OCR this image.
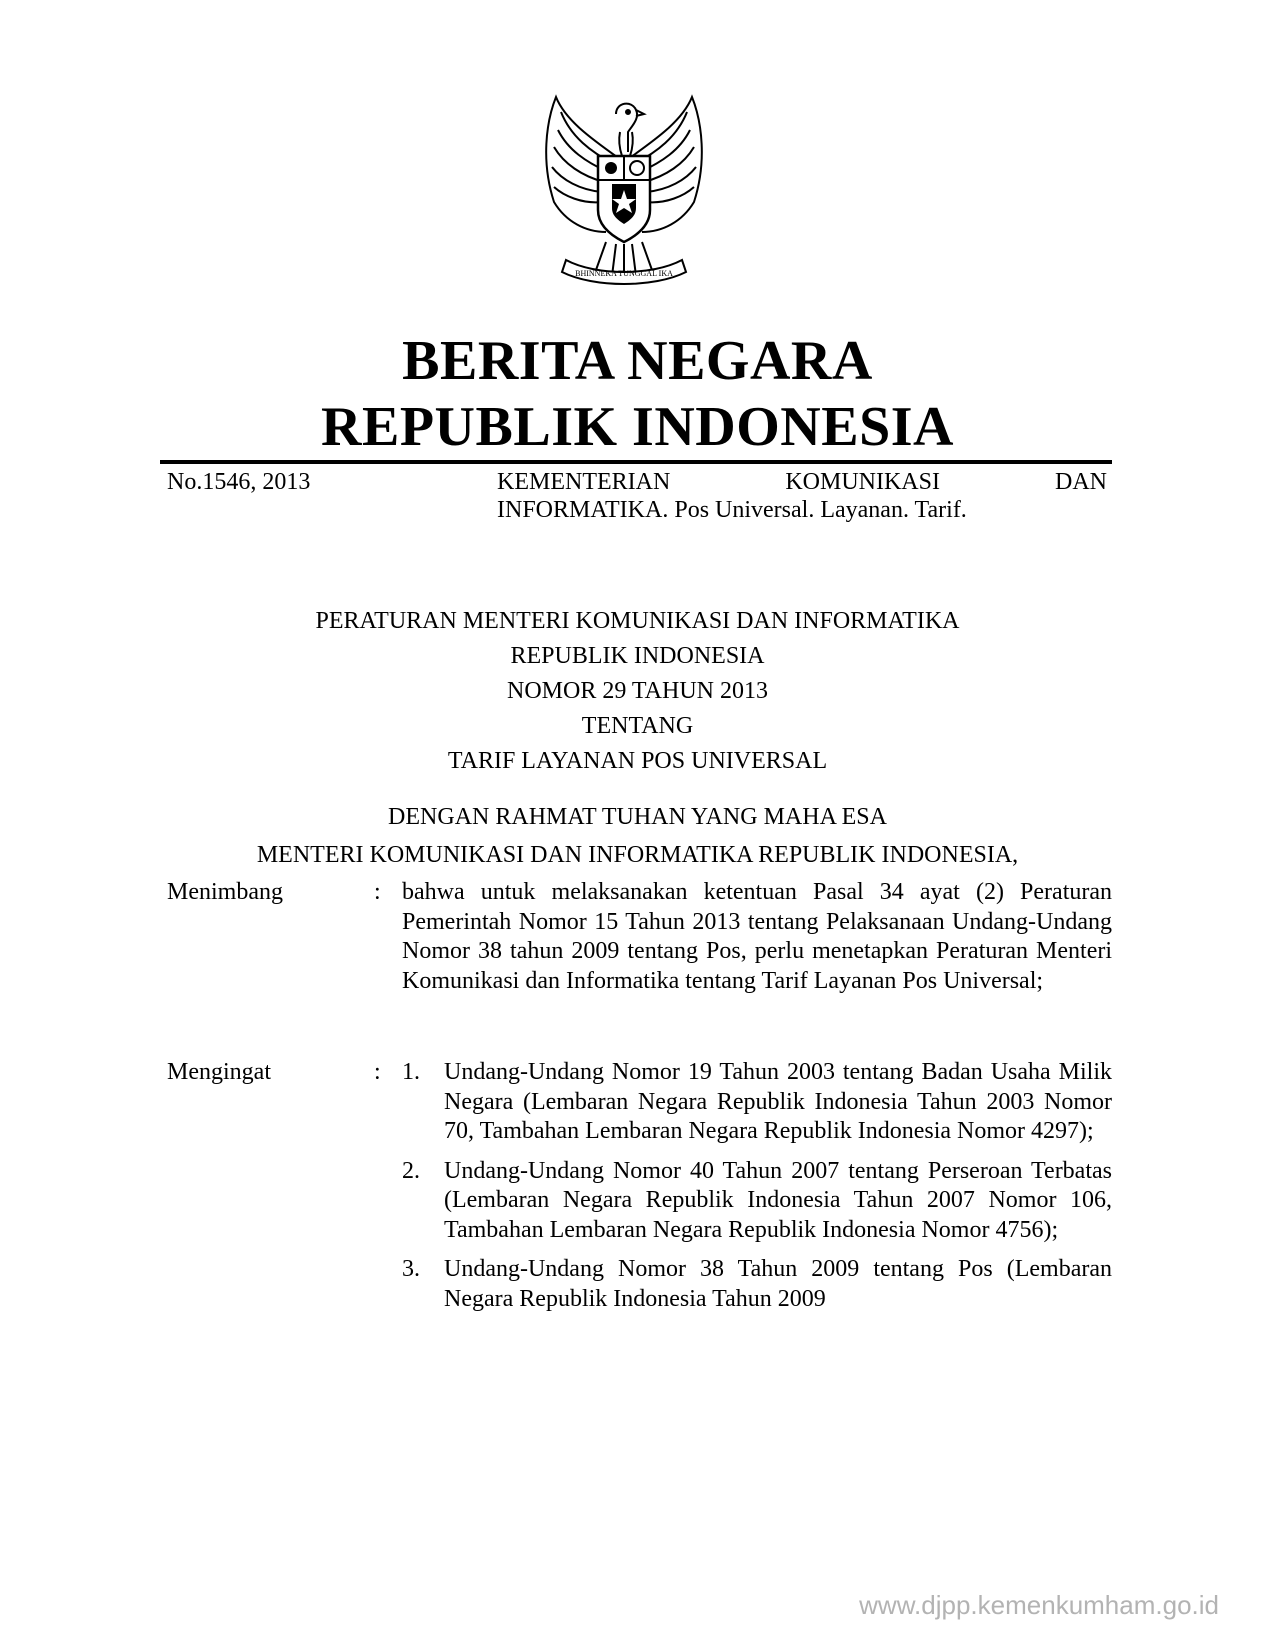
BHINNEKA TUNGGAL IKA
BERITA NEGARA
REPUBLIK INDONESIA
No.1546, 2013	KEMENTERIAN	KOMUNIKASI	DAN
INFORMATIKA. Pos Universal. Layanan. Tarif.
PERATURAN MENTERI KOMUNIKASI DAN INFORMATIKA
REPUBLIK INDONESIA
NOMOR 29 TAHUN 2013
TENTANG
TARIF LAYANAN POS UNIVERSAL
DENGAN RAHMAT TUHAN YANG MAHA ESA
MENTERI KOMUNIKASI DAN INFORMATIKA REPUBLIK INDONESIA,
Menimbang	: bahwa untuk melaksanakan ketentuan Pasal 34 ayat (2) Peraturan Pemerintah Nomor 15 Tahun 2013 tentang Pelaksanaan Undang-Undang Nomor 38 tahun 2009 tentang Pos, perlu menetapkan Peraturan Menteri Komunikasi dan Informatika tentang Tarif Layanan Pos Universal;
Mengingat	: 1. Undang-Undang Nomor 19 Tahun 2003 tentang Badan Usaha Milik Negara (Lembaran Negara Republik Indonesia Tahun 2003 Nomor 70, Tambahan Lembaran Negara Republik Indonesia Nomor 4297);
2. Undang-Undang Nomor 40 Tahun 2007 tentang Perseroan Terbatas (Lembaran Negara Republik Indonesia Tahun 2007 Nomor 106, Tambahan Lembaran Negara Republik Indonesia Nomor 4756);
3. Undang-Undang Nomor 38 Tahun 2009 tentang Pos (Lembaran Negara Republik Indonesia Tahun 2009
www.djpp.kemenkumham.go.id
